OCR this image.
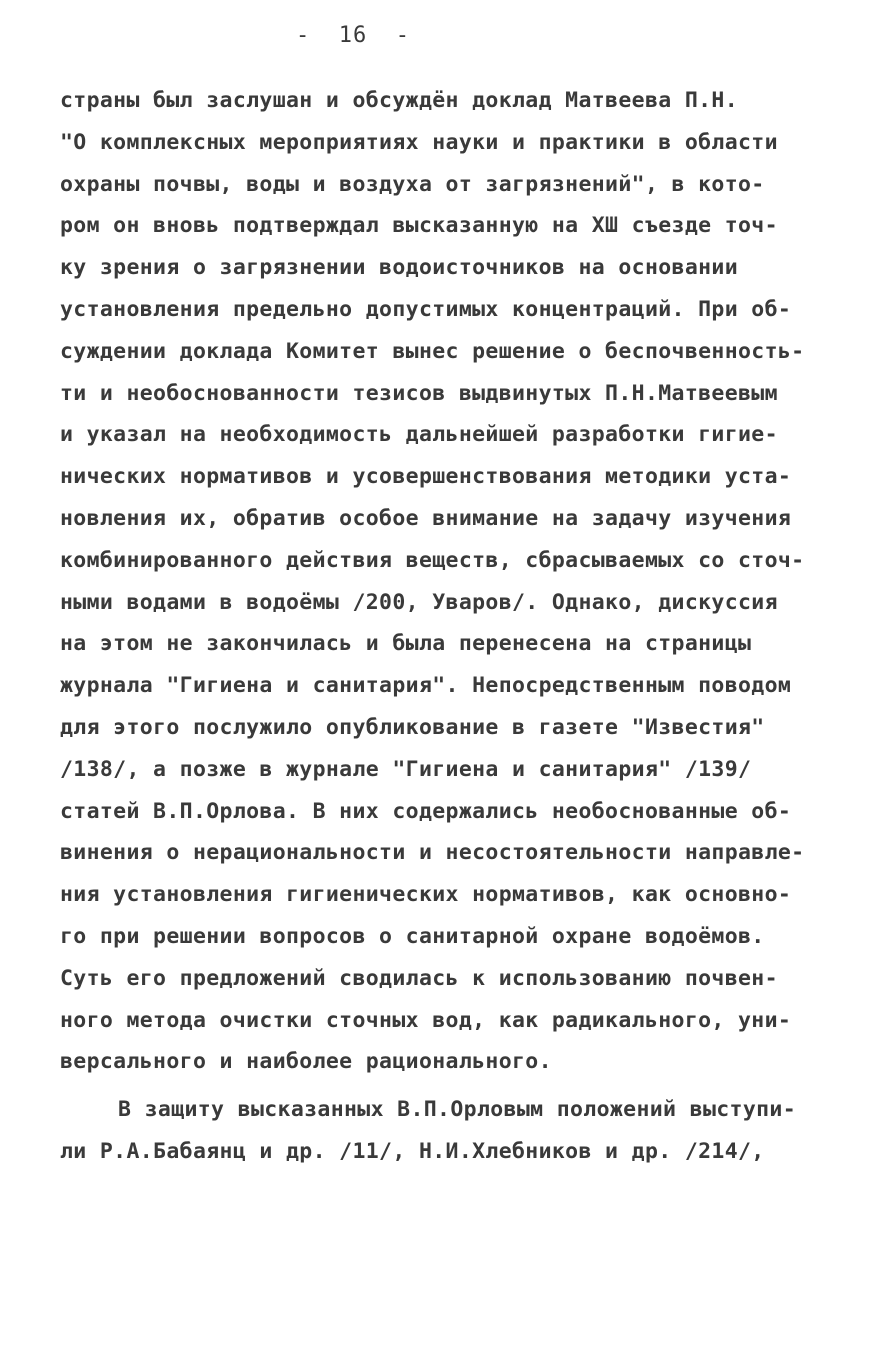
-  16  -
страны был заслушан и обсуждён доклад Матвеева П.Н.
"О комплексных мероприятиях науки и практики в области
охраны почвы, воды и воздуха от загрязнений", в кото-
ром он вновь подтверждал высказанную на ХШ съезде точ-
ку зрения о загрязнении водоисточников на основании
установления предельно допустимых концентраций. При об-
суждении доклада Комитет вынес решение о беспочвенность-
ти и необоснованности тезисов выдвинутых П.Н.Матвеевым
и указал на необходимость дальнейшей разработки гигие-
нических нормативов и усовершенствования методики уста-
новления их, обратив особое внимание на задачу изучения
комбинированного действия веществ, сбрасываемых со сточ-
ными водами в водоёмы /200, Уваров/. Однако, дискуссия
на этом не закончилась и была перенесена на страницы
журнала "Гигиена и санитария". Непосредственным поводом
для этого послужило опубликование в газете "Известия"
/138/, а позже в журнале "Гигиена и санитария" /139/
статей В.П.Орлова. В них содержались необоснованные об-
винения о нерациональности и несостоятельности направле-
ния установления гигиенических нормативов, как основно-
го при решении вопросов о санитарной охране водоёмов.
Суть его предложений сводилась к использованию почвен-
ного метода очистки сточных вод, как радикального, уни-
версального и наиболее рационального.
В защиту высказанных В.П.Орловым положений выступи-
ли Р.А.Бабаянц и др. /11/, Н.И.Хлебников и др. /214/,
